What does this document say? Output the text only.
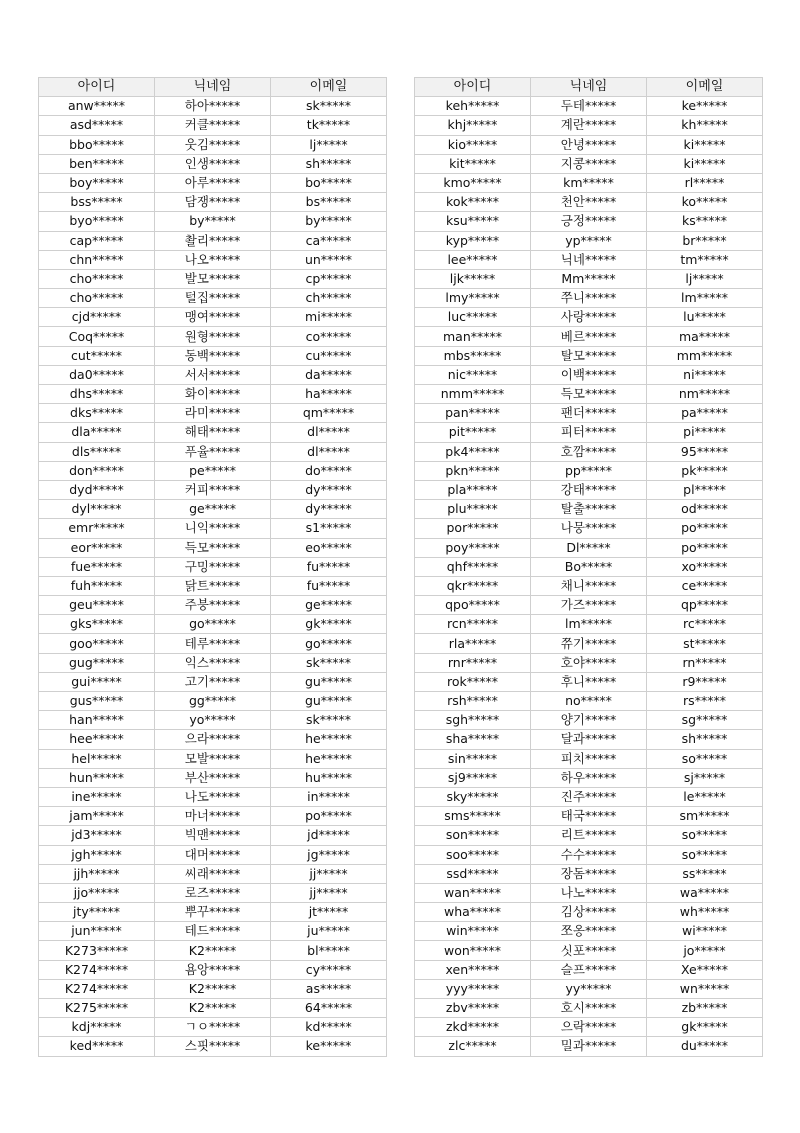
아이디	닉네임	이메일
anw*****	하아*****	sk*****
asd*****	커클*****	tk*****
bbo*****	웃김*****	lj*****
ben*****	인생*****	sh*****
boy*****	아루*****	bo*****
bss*****	담쟁*****	bs*****
byo*****	by*****	by*****
cap*****	촬리*****	ca*****
chn*****	나오*****	un*****
cho*****	발모*****	cp*****
cho*****	털집*****	ch*****
cjd*****	맹여*****	mi*****
Coq*****	원형*****	co*****
cut*****	동백*****	cu*****
da0*****	서서*****	da*****
dhs*****	화이*****	ha*****
dks*****	라미*****	qm*****
dla*****	해태*****	dl*****
dls*****	푸율*****	dl*****
don*****	pe*****	do*****
dyd*****	커피*****	dy*****
dyl*****	ge*****	dy*****
emr*****	니익*****	s1*****
eor*****	득모*****	eo*****
fue*****	구밍*****	fu*****
fuh*****	닭트*****	fu*****
geu*****	주붕*****	ge*****
gks*****	go*****	gk*****
goo*****	테루*****	go*****
gug*****	익스*****	sk*****
gui*****	고기*****	gu*****
gus*****	gg*****	gu*****
han*****	yo*****	sk*****
hee*****	으라*****	he*****
hel*****	모발*****	he*****
hun*****	부산*****	hu*****
ine*****	나도*****	in*****
jam*****	마너*****	po*****
jd3*****	빅맨*****	jd*****
jgh*****	대머*****	jg*****
jjh*****	씨래*****	jj*****
jjo*****	로즈*****	jj*****
jty*****	뿌꾸*****	jt*****
jun*****	테드*****	ju*****
K273*****	K2*****	bl*****
K274*****	욤앙*****	cy*****
K274*****	K2*****	as*****
K275*****	K2*****	64*****
kdj*****	ㄱㅇ*****	kd*****
ked*****	스핏*****	ke*****
아이디	닉네임	이메일
keh*****	두테*****	ke*****
khj*****	계란*****	kh*****
kio*****	안녕*****	ki*****
kit*****	지콩*****	ki*****
kmo*****	km*****	rl*****
kok*****	천안*****	ko*****
ksu*****	긍정*****	ks*****
kyp*****	yp*****	br*****
lee*****	닉네*****	tm*****
ljk*****	Mm*****	lj*****
lmy*****	쭈니*****	lm*****
luc*****	사랑*****	lu*****
man*****	베르*****	ma*****
mbs*****	탈모*****	mm*****
nic*****	이백*****	ni*****
nmm*****	득모*****	nm*****
pan*****	팬더*****	pa*****
pit*****	피터*****	pi*****
pk4*****	호깜*****	95*****
pkn*****	pp*****	pk*****
pla*****	강태*****	pl*****
plu*****	탈출*****	od*****
por*****	나뭉*****	po*****
poy*****	Dl*****	po*****
qhf*****	Bo*****	xo*****
qkr*****	채니*****	ce*****
qpo*****	가즈*****	qp*****
rcn*****	lm*****	rc*****
rla*****	쮸기*****	st*****
rnr*****	호야*****	rn*****
rok*****	후니*****	r9*****
rsh*****	no*****	rs*****
sgh*****	양기*****	sg*****
sha*****	달과*****	sh*****
sin*****	피치*****	so*****
sj9*****	하우*****	sj*****
sky*****	진주*****	le*****
sms*****	태국*****	sm*****
son*****	리트*****	so*****
soo*****	수수*****	so*****
ssd*****	장돔*****	ss*****
wan*****	나노*****	wa*****
wha*****	김상*****	wh*****
win*****	쪼옹*****	wi*****
won*****	싯포*****	jo*****
xen*****	슬프*****	Xe*****
yyy*****	yy*****	wn*****
zbv*****	호시*****	zb*****
zkd*****	으락*****	gk*****
zlc*****	밀과*****	du*****
